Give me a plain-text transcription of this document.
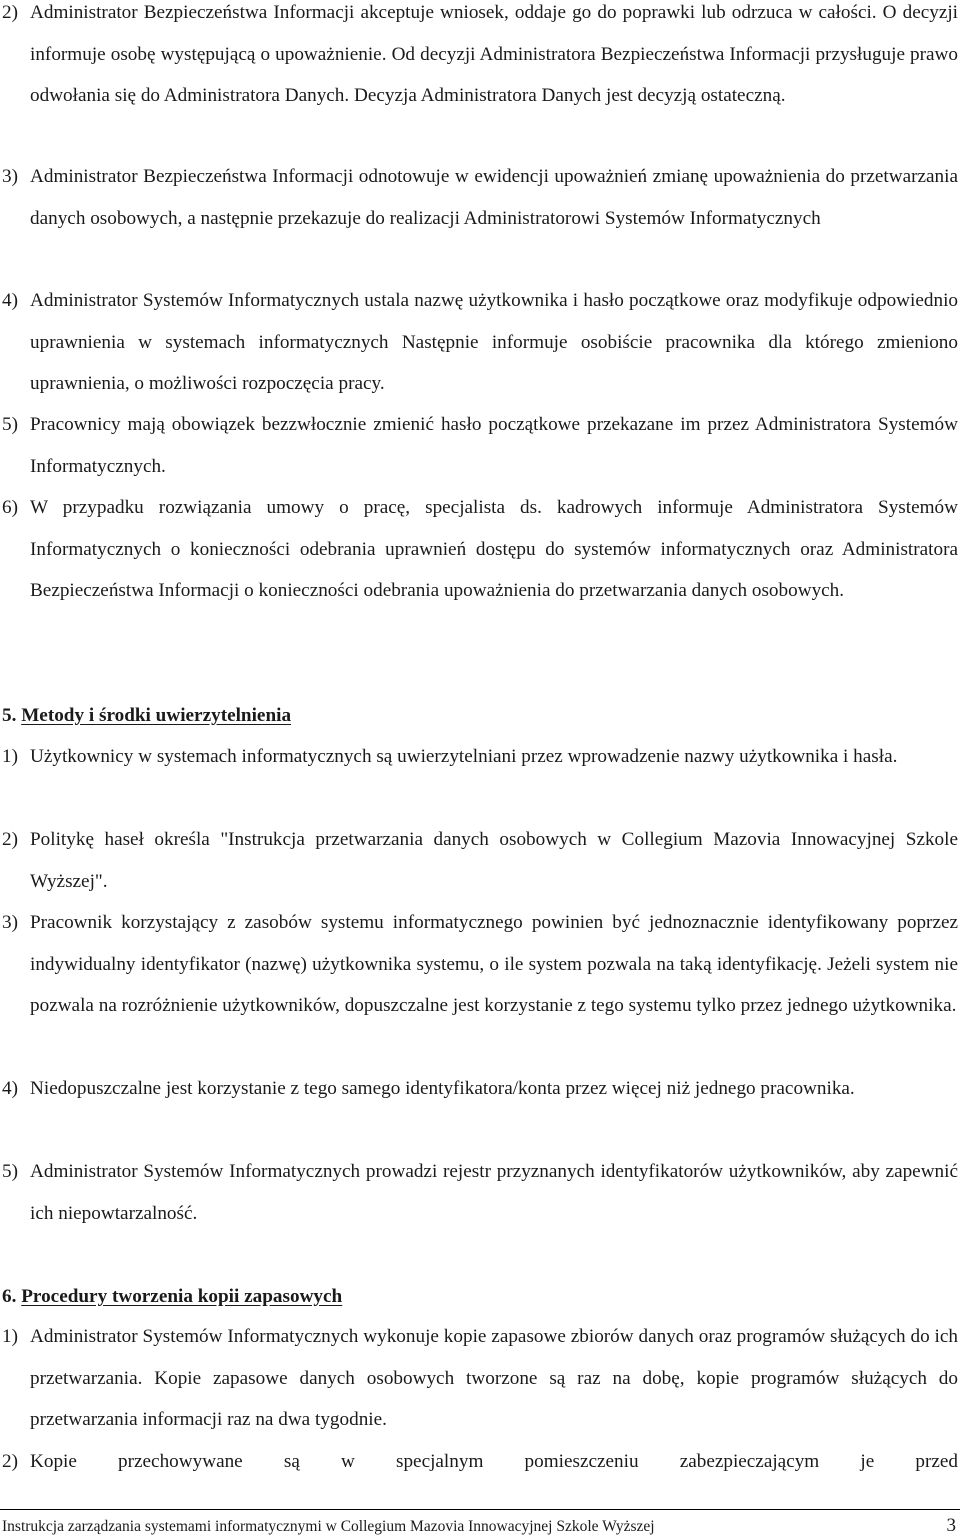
2) Administrator Bezpieczeństwa Informacji akceptuje wniosek, oddaje go do poprawki lub odrzuca w całości. O decyzji informuje osobę występującą o upoważnienie. Od decyzji Administratora Bezpieczeństwa Informacji przysługuje prawo odwołania się do Administratora Danych. Decyzja Administratora Danych jest decyzją ostateczną.
3) Administrator Bezpieczeństwa Informacji odnotowuje w ewidencji upoważnień zmianę upoważnienia do przetwarzania danych osobowych, a następnie przekazuje do realizacji Administratorowi Systemów Informatycznych
4) Administrator Systemów Informatycznych ustala nazwę użytkownika i hasło początkowe oraz modyfikuje odpowiednio uprawnienia w systemach informatycznych Następnie informuje osobiście pracownika dla którego zmieniono uprawnienia, o możliwości rozpoczęcia pracy.
5) Pracownicy mają obowiązek bezzwłocznie zmienić hasło początkowe przekazane im przez Administratora Systemów Informatycznych.
6) W przypadku rozwiązania umowy o pracę, specjalista ds. kadrowych informuje Administratora Systemów Informatycznych o konieczności odebrania uprawnień dostępu do systemów informatycznych oraz Administratora Bezpieczeństwa Informacji o konieczności odebrania upoważnienia do przetwarzania danych osobowych.
5. Metody i środki uwierzytelnienia
1) Użytkownicy w systemach informatycznych są uwierzytelniani przez wprowadzenie nazwy użytkownika i hasła.
2) Politykę haseł określa "Instrukcja przetwarzania danych osobowych w Collegium Mazovia Innowacyjnej Szkole Wyższej".
3) Pracownik korzystający z zasobów systemu informatycznego powinien być jednoznacznie identyfikowany poprzez indywidualny identyfikator (nazwę) użytkownika systemu, o ile system pozwala na taką identyfikację. Jeżeli system nie pozwala na rozróżnienie użytkowników, dopuszczalne jest korzystanie z tego systemu tylko przez jednego użytkownika.
4) Niedopuszczalne jest korzystanie z tego samego identyfikatora/konta przez więcej niż jednego pracownika.
5) Administrator Systemów Informatycznych prowadzi rejestr przyznanych identyfikatorów użytkowników, aby zapewnić ich niepowtarzalność.
6. Procedury tworzenia kopii zapasowych
1) Administrator Systemów Informatycznych wykonuje kopie zapasowe zbiorów danych oraz programów służących do ich przetwarzania. Kopie zapasowe danych osobowych tworzone są raz na dobę, kopie programów służących do przetwarzania informacji raz na dwa tygodnie.
2) Kopie przechowywane są w specjalnym pomieszczeniu zabezpieczającym je przed
Instrukcja zarządzania systemami informatycznymi w Collegium Mazovia Innowacyjnej Szkole Wyższej	3
